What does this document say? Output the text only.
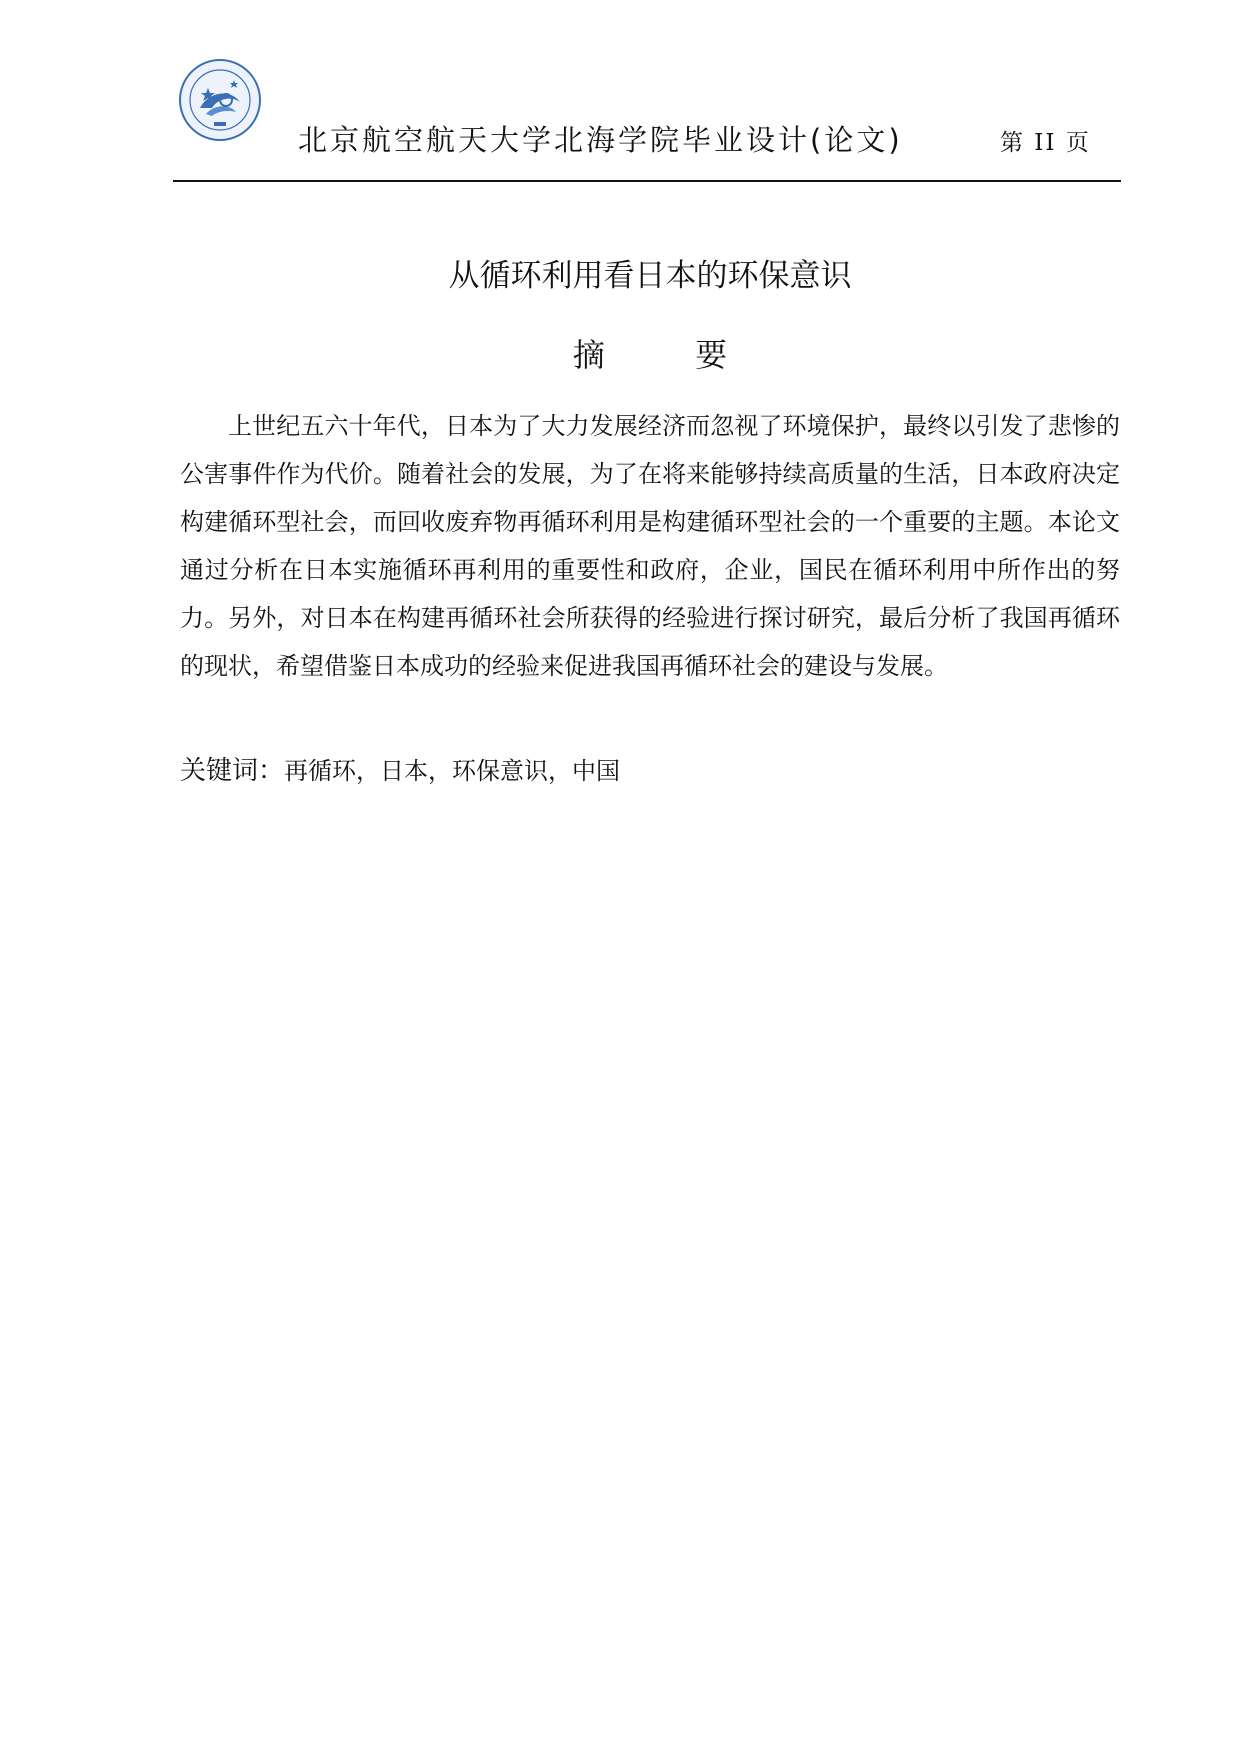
北京航空航天大学北海学院毕业设计(论文)	第 II 页
从循环利用看日本的环保意识
摘 要

上世纪五六十年代，日本为了大力发展经济而忽视了环境保护，最终以引发了悲惨的公害事件作为代价。随着社会的发展，为了在将来能够持续高质量的生活，日本政府决定构建循环型社会，而回收废弃物再循环利用是构建循环型社会的一个重要的主题。本论文通过分析在日本实施循环再利用的重要性和政府，企业，国民在循环利用中所作出的努力。另外，对日本在构建再循环社会所获得的经验进行探讨研究，最后分析了我国再循环的现状，希望借鉴日本成功的经验来促进我国再循环社会的建设与发展。

关键词：再循环，日本，环保意识，中国
